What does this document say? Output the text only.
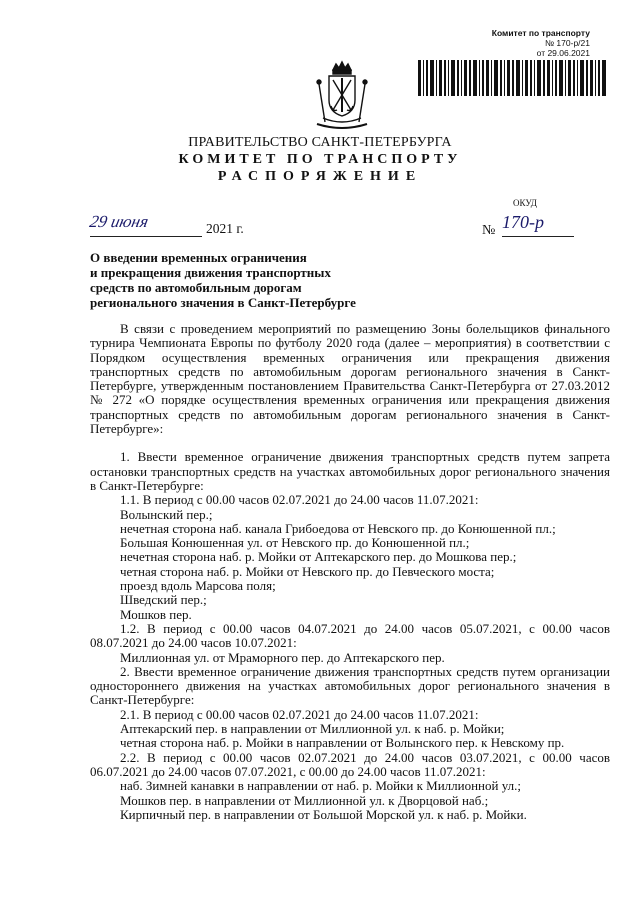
Комитет по транспорту
№ 170-р/21
от 29.06.2021
ПРАВИТЕЛЬСТВО САНКТ-ПЕТЕРБУРГА
КОМИТЕТ ПО ТРАНСПОРТУ
РАСПОРЯЖЕНИЕ
ОКУД
29 июня	2021 г.	№ 170-р
О введении временных ограничения
и прекращения движения транспортных
средств по автомобильным дорогам
регионального значения в Санкт-Петербурге

В связи с проведением мероприятий по размещению Зоны болельщиков финального турнира Чемпионата Европы по футболу 2020 года (далее – мероприятия) в соответствии с Порядком осуществления временных ограничения или прекращения движения транспортных средств по автомобильным дорогам регионального значения в Санкт-Петербурге, утвержденным постановлением Правительства Санкт-Петербурга от 27.03.2012 № 272 «О порядке осуществления временных ограничения или прекращения движения транспортных средств по автомобильным дорогам регионального значения в Санкт-Петербурге»:

1. Ввести временное ограничение движения транспортных средств путем запрета остановки транспортных средств на участках автомобильных дорог регионального значения в Санкт-Петербурге:

1.1. В период с 00.00 часов 02.07.2021 до 24.00 часов 11.07.2021:

Волынский пер.;

нечетная сторона наб. канала Грибоедова от Невского пр. до Конюшенной пл.;

Большая Конюшенная ул. от Невского пр. до Конюшенной пл.;

нечетная сторона наб. р. Мойки от Аптекарского пер. до Мошкова пер.;

четная сторона наб. р. Мойки от Невского пр. до Певческого моста;

проезд вдоль Марсова поля;

Шведский пер.;

Мошков пер.

1.2. В период с 00.00 часов 04.07.2021 до 24.00 часов 05.07.2021, с 00.00 часов 08.07.2021 до 24.00 часов 10.07.2021:

Миллионная ул. от Мраморного пер. до Аптекарского пер.

2. Ввести временное ограничение движения транспортных средств путем организации одностороннего движения на участках автомобильных дорог регионального значения в Санкт-Петербурге:

2.1. В период с 00.00 часов 02.07.2021 до 24.00 часов 11.07.2021:

Аптекарский пер. в направлении от Миллионной ул. к наб. р. Мойки;

четная сторона наб. р. Мойки в направлении от Волынского пер. к Невскому пр.

2.2. В период с 00.00 часов 02.07.2021 до 24.00 часов 03.07.2021, с 00.00 часов 06.07.2021 до 24.00 часов 07.07.2021, с 00.00 до 24.00 часов 11.07.2021:

наб. Зимней канавки в направлении от наб. р. Мойки к Миллионной ул.;

Мошков пер. в направлении от Миллионной ул. к Дворцовой наб.;

Кирпичный пер. в направлении от Большой Морской ул. к наб. р. Мойки.
